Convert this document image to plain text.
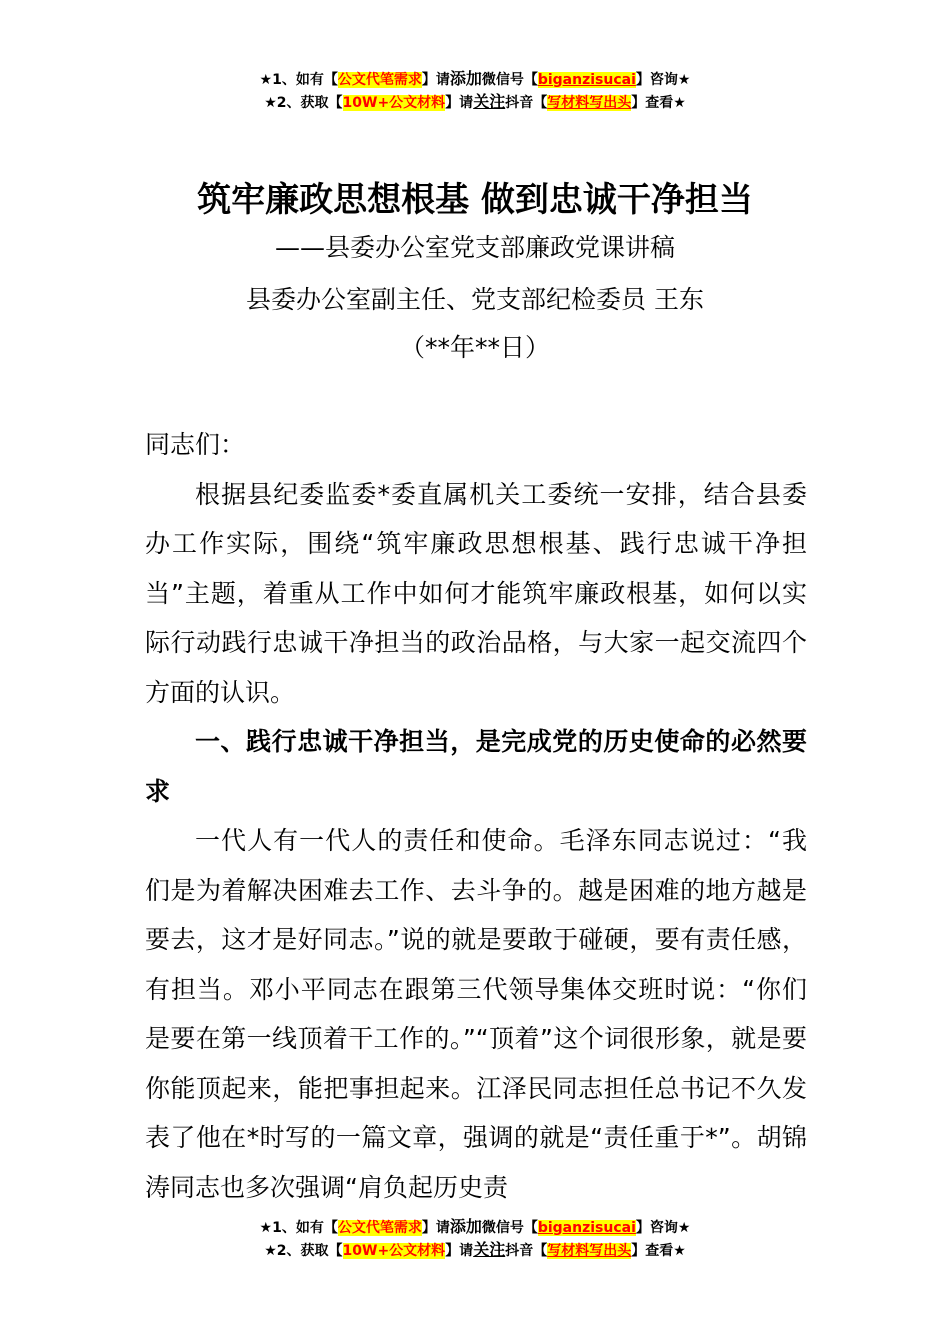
★1、如有【公文代笔需求】请添加微信号【biganzisucai】咨询★
★2、获取【10W+公文材料】请关注抖音【写材料写出头】查看★
筑牢廉政思想根基 做到忠诚干净担当
——县委办公室党支部廉政党课讲稿
县委办公室副主任、党支部纪检委员 王东
（**年**日）

同志们：

根据县纪委监委*委直属机关工委统一安排，结合县委办工作实际，围绕“筑牢廉政思想根基、践行忠诚干净担当”主题，着重从工作中如何才能筑牢廉政根基，如何以实际行动践行忠诚干净担当的政治品格，与大家一起交流四个方面的认识。

一、践行忠诚干净担当，是完成党的历史使命的必然要求

一代人有一代人的责任和使命。毛泽东同志说过：“我们是为着解决困难去工作、去斗争的。越是困难的地方越是要去，这才是好同志。”说的就是要敢于碰硬，要有责任感，有担当。邓小平同志在跟第三代领导集体交班时说：“你们是要在第一线顶着干工作的。”“顶着”这个词很形象，就是要你能顶起来，能把事担起来。江泽民同志担任总书记不久发表了他在*时写的一篇文章，强调的就是“责任重于*”。胡锦涛同志也多次强调“肩负起历史责

★1、如有【公文代笔需求】请添加微信号【biganzisucai】咨询★
★2、获取【10W+公文材料】请关注抖音【写材料写出头】查看★
